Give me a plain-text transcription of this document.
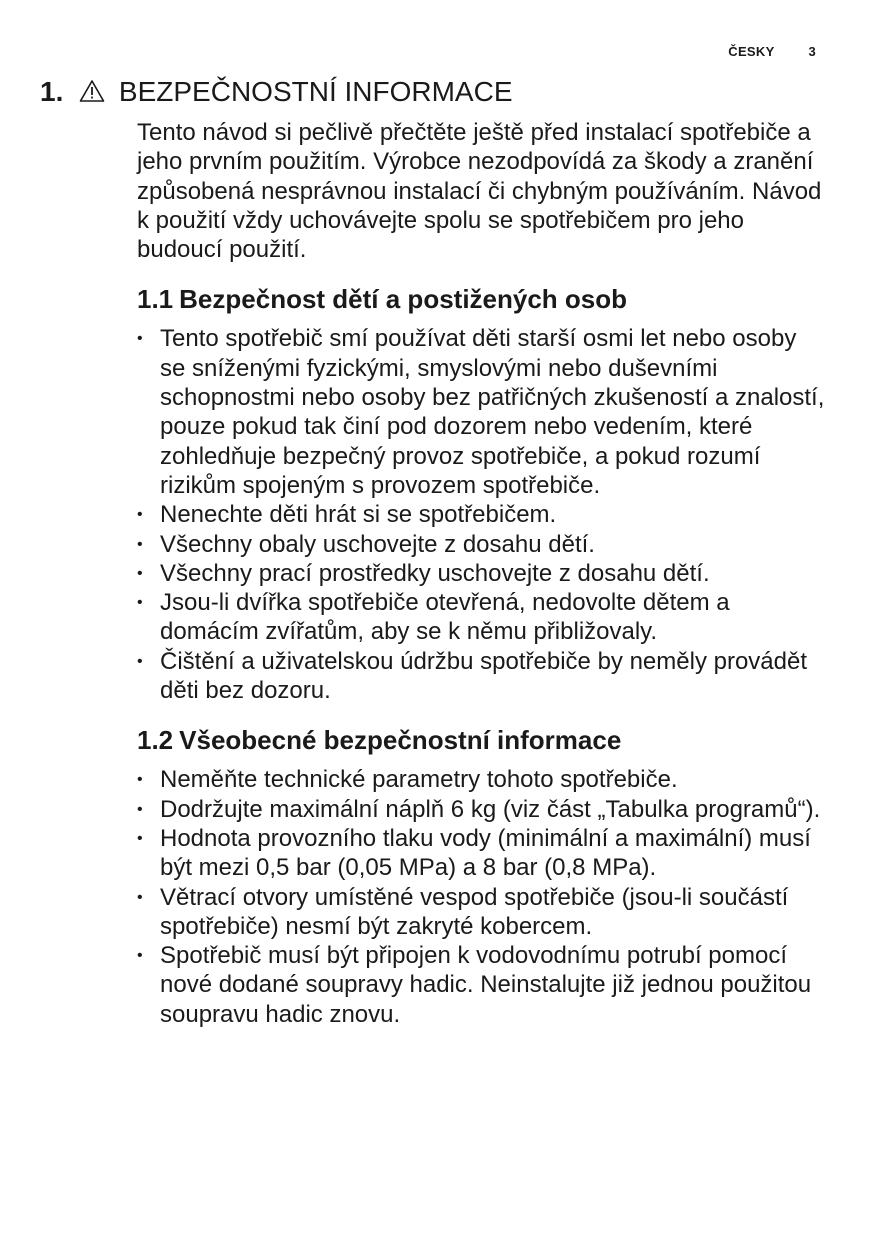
ČESKY	3
1. BEZPEČNOSTNÍ INFORMACE

Tento návod si pečlivě přečtěte ještě před instalací spotřebiče a jeho prvním použitím. Výrobce nezodpovídá za škody a zranění způsobená nesprávnou instalací či chybným používáním. Návod k použití vždy uchovávejte spolu se spotřebičem pro jeho budoucí použití.

1.1 Bezpečnost dětí a postižených osob
• Tento spotřebič smí používat děti starší osmi let nebo osoby se sníženými fyzickými, smyslovými nebo duševními schopnostmi nebo osoby bez patřičných zkušeností a znalostí, pouze pokud tak činí pod dozorem nebo vedením, které zohledňuje bezpečný provoz spotřebiče, a pokud rozumí rizikům spojeným s provozem spotřebiče.
• Nenechte děti hrát si se spotřebičem.
• Všechny obaly uschovejte z dosahu dětí.
• Všechny prací prostředky uschovejte z dosahu dětí.
• Jsou-li dvířka spotřebiče otevřená, nedovolte dětem a domácím zvířatům, aby se k němu přibližovaly.
• Čištění a uživatelskou údržbu spotřebiče by neměly provádět děti bez dozoru.
1.2 Všeobecné bezpečnostní informace
• Neměňte technické parametry tohoto spotřebiče.
• Dodržujte maximální náplň 6 kg (viz část „Tabulka programů“).
• Hodnota provozního tlaku vody (minimální a maximální) musí být mezi 0,5 bar (0,05 MPa) a 8 bar (0,8 MPa).
• Větrací otvory umístěné vespod spotřebiče (jsou-li součástí spotřebiče) nesmí být zakryté kobercem.
• Spotřebič musí být připojen k vodovodnímu potrubí pomocí nové dodané soupravy hadic. Neinstalujte již jednou použitou soupravu hadic znovu.
